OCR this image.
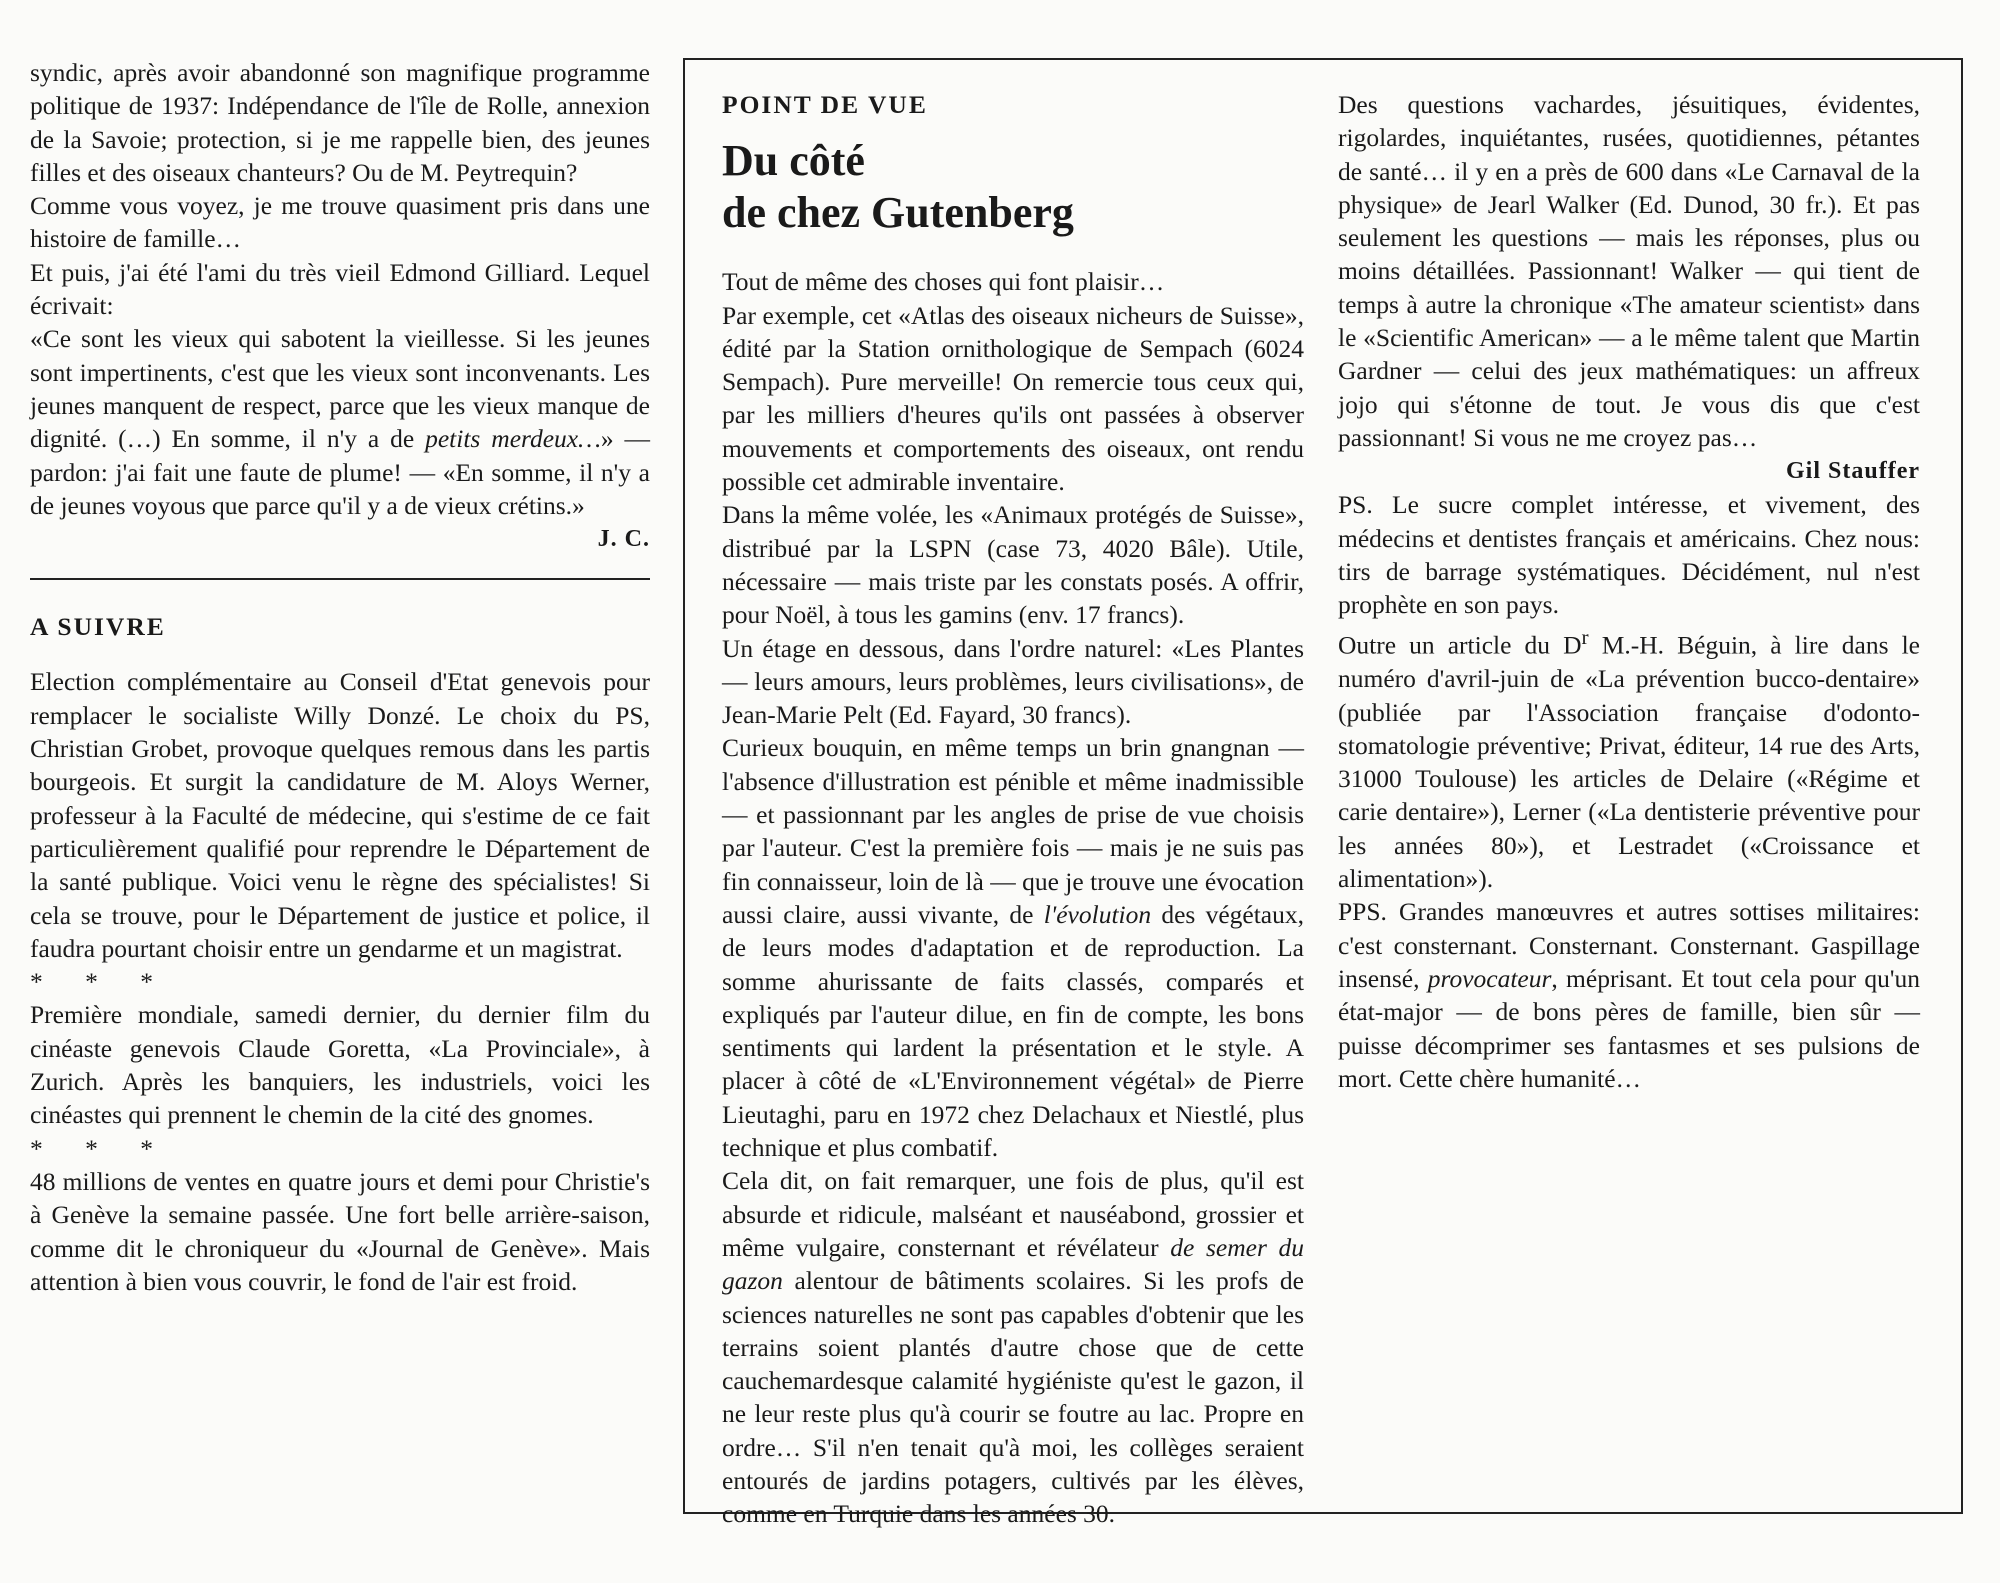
syndic, après avoir abandonné son magnifique programme politique de 1937: Indépendance de l'île de Rolle, annexion de la Savoie; protection, si je me rappelle bien, des jeunes filles et des oiseaux chanteurs? Ou de M. Peytrequin?

Comme vous voyez, je me trouve quasiment pris dans une histoire de famille…

Et puis, j'ai été l'ami du très vieil Edmond Gilliard. Lequel écrivait:

«Ce sont les vieux qui sabotent la vieillesse. Si les jeunes sont impertinents, c'est que les vieux sont inconvenants. Les jeunes manquent de respect, parce que les vieux manque de dignité. (…) En somme, il n'y a de petits merdeux…» — pardon: j'ai fait une faute de plume! — «En somme, il n'y a de jeunes voyous que parce qu'il y a de vieux crétins.»

J. C.

A SUIVRE

Election complémentaire au Conseil d'Etat genevois pour remplacer le socialiste Willy Donzé. Le choix du PS, Christian Grobet, provoque quelques remous dans les partis bourgeois. Et surgit la candidature de M. Aloys Werner, professeur à la Faculté de médecine, qui s'estime de ce fait particulièrement qualifié pour reprendre le Département de la santé publique. Voici venu le règne des spécialistes! Si cela se trouve, pour le Département de justice et police, il faudra pourtant choisir entre un gendarme et un magistrat.

* * *

Première mondiale, samedi dernier, du dernier film du cinéaste genevois Claude Goretta, «La Provinciale», à Zurich. Après les banquiers, les industriels, voici les cinéastes qui prennent le chemin de la cité des gnomes.

* * *

48 millions de ventes en quatre jours et demi pour Christie's à Genève la semaine passée. Une fort belle arrière-saison, comme dit le chroniqueur du «Journal de Genève». Mais attention à bien vous couvrir, le fond de l'air est froid.

POINT DE VUE

Du côté
de chez Gutenberg

Tout de même des choses qui font plaisir…

Par exemple, cet «Atlas des oiseaux nicheurs de Suisse», édité par la Station ornithologique de Sempach (6024 Sempach). Pure merveille! On remercie tous ceux qui, par les milliers d'heures qu'ils ont passées à observer mouvements et comportements des oiseaux, ont rendu possible cet admirable inventaire.

Dans la même volée, les «Animaux protégés de Suisse», distribué par la LSPN (case 73, 4020 Bâle). Utile, nécessaire — mais triste par les constats posés. A offrir, pour Noël, à tous les gamins (env. 17 francs).

Un étage en dessous, dans l'ordre naturel: «Les Plantes — leurs amours, leurs problèmes, leurs civilisations», de Jean-Marie Pelt (Ed. Fayard, 30 francs).

Curieux bouquin, en même temps un brin gnangnan — l'absence d'illustration est pénible et même inadmissible — et passionnant par les angles de prise de vue choisis par l'auteur. C'est la première fois — mais je ne suis pas fin connaisseur, loin de là — que je trouve une évocation aussi claire, aussi vivante, de l'évolution des végétaux, de leurs modes d'adaptation et de reproduction. La somme ahurissante de faits classés, comparés et expliqués par l'auteur dilue, en fin de compte, les bons sentiments qui lardent la présentation et le style. A placer à côté de «L'Environnement végétal» de Pierre Lieutaghi, paru en 1972 chez Delachaux et Niestlé, plus technique et plus combatif.

Cela dit, on fait remarquer, une fois de plus, qu'il est absurde et ridicule, malséant et nauséabond, grossier et même vulgaire, consternant et révélateur de semer du gazon alentour de bâtiments scolaires. Si les profs de sciences naturelles ne sont pas capables d'obtenir que les terrains soient plantés d'autre chose que de cette cauchemardesque calamité hygiéniste qu'est le gazon, il ne leur reste plus qu'à courir se foutre au lac. Propre en ordre… S'il n'en tenait qu'à moi, les collèges seraient entourés de jardins potagers, cultivés par les élèves, comme en Turquie dans les années 30.

Des questions vachardes, jésuitiques, évidentes, rigolardes, inquiétantes, rusées, quotidiennes, pétantes de santé… il y en a près de 600 dans «Le Carnaval de la physique» de Jearl Walker (Ed. Dunod, 30 fr.). Et pas seulement les questions — mais les réponses, plus ou moins détaillées. Passionnant! Walker — qui tient de temps à autre la chronique «The amateur scientist» dans le «Scientific American» — a le même talent que Martin Gardner — celui des jeux mathématiques: un affreux jojo qui s'étonne de tout. Je vous dis que c'est passionnant! Si vous ne me croyez pas…

Gil Stauffer

PS. Le sucre complet intéresse, et vivement, des médecins et dentistes français et américains. Chez nous: tirs de barrage systématiques. Décidément, nul n'est prophète en son pays.

Outre un article du $D^r$ M.-H. Béguin, à lire dans le numéro d'avril-juin de «La prévention bucco-dentaire» (publiée par l'Association française d'odonto-stomatologie préventive; Privat, éditeur, 14 rue des Arts, 31000 Toulouse) les articles de Delaire («Régime et carie dentaire»), Lerner («La dentisterie préventive pour les années 80»), et Lestradet («Croissance et alimentation»).

PPS. Grandes manœuvres et autres sottises militaires: c'est consternant. Consternant. Consternant. Gaspillage insensé, provocateur, méprisant. Et tout cela pour qu'un état-major — de bons pères de famille, bien sûr — puisse décomprimer ses fantasmes et ses pulsions de mort. Cette chère humanité…
